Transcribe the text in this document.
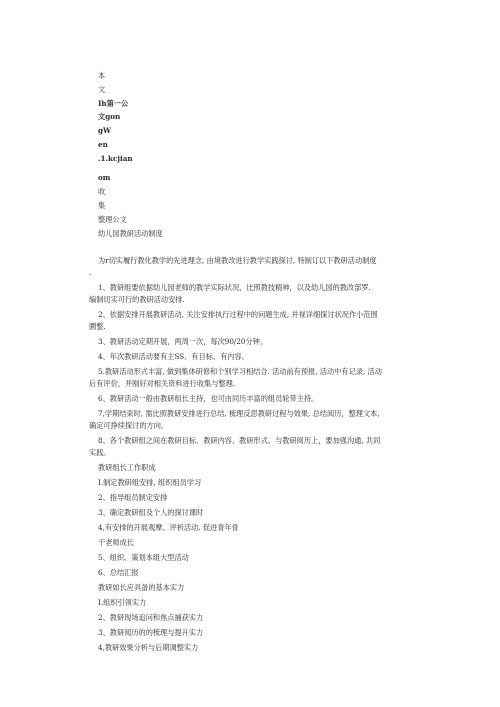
本
文
Ih第一公
文gon
gW
en
.1.kcjian
om
收
集
整理公文
幼儿园教研活动制度
为r切实履行教化教学的先进理念, 由境教改进行教学实践探讨, 特制订以下教研活动制度
.
1、教研组要依据幼儿园老师的教学实际状况，比照教技精神，以及幼儿园的教改部罗.
编制切实可行的教研活动安排.
2、依据安排开展教研活动, 关注安排执行过程中的问题生成, 并视详细探讨状况作小范围
圜整.
3、教研活动定期开展，两周一次，每次90/20分钟。
4、年次教研活动要有主SS、有目标、有内容。
5.教研活动形式丰富, 做到集体研修和个别学习相结合. 活动前有预报, 活动中有记录, 活动
后有评价，并刚好对相关资料进行收集与整理.
6、教研活动一般由教研组长主持，也可由同历丰富的组员轮带主持。
7,学期结束时, 需比照教研安排进行总结, 梳理反思教研过程与效果, 总结阅历，整理文本,
确定可挣续探讨的方向。
8、各个教研组之间在教研目标、教研内容、教研形式、与教研阅历上，要加强沟通, 共同
实践。
教研组长工作职成
I.制定教研组安排, 组织组员学习
2、指导组员制定安排
3、确定教研组及个人的探讨课时
4,有安排的开展观摩、评析活动, 促进青年骨
干老师成长
5、组织、策划本组大型活动
6、总结汇报
教研如长应具备的基本实力
I.组织引领实力
2、教研现场追问和焦点捕获实力
3、教研阅历的的梳理与提升实力
4,教研效果分析与后期调整实力
